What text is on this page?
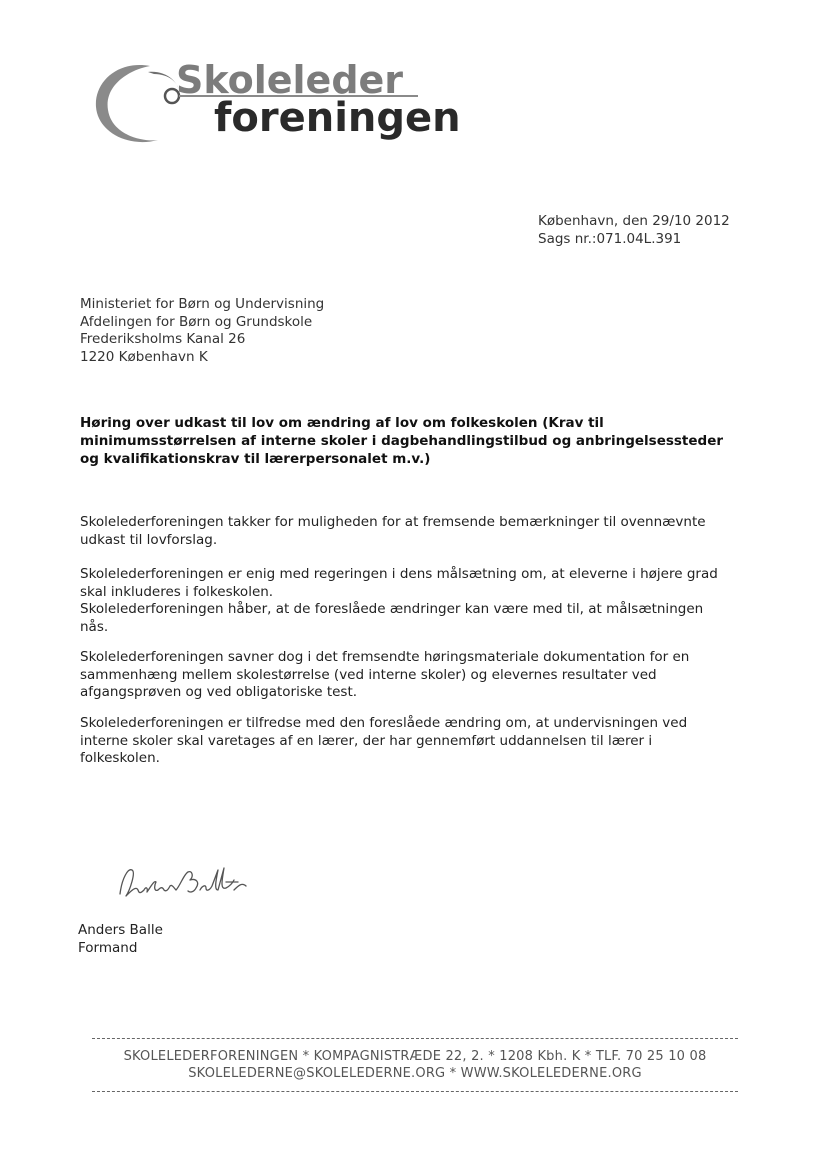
Skoleleder
foreningen
København, den 29/10 2012
Sags nr.:071.04L.391
Ministeriet for Børn og Undervisning
Afdelingen for Børn og Grundskole
Frederiksholms Kanal 26
1220 København K
Høring over udkast til lov om ændring af lov om folkeskolen (Krav til
minimumsstørrelsen af interne skoler i dagbehandlingstilbud og anbringelsessteder
og kvalifikationskrav til lærerpersonalet m.v.)
Skolelederforeningen takker for muligheden for at fremsende bemærkninger til ovennævnte
udkast til lovforslag.
Skolelederforeningen er enig med regeringen i dens målsætning om, at eleverne i højere grad
skal inkluderes i folkeskolen.
Skolelederforeningen håber, at de foreslåede ændringer kan være med til, at målsætningen
nås.
Skolelederforeningen savner dog i det fremsendte høringsmateriale dokumentation for en
sammenhæng mellem skolestørrelse (ved interne skoler) og elevernes resultater ved
afgangsprøven og ved obligatoriske test.
Skolelederforeningen er tilfredse med den foreslåede ændring om, at undervisningen ved
interne skoler skal varetages af en lærer, der har gennemført uddannelsen til lærer i
folkeskolen.
Anders Balle
Formand
SKOLELEDERFORENINGEN * KOMPAGNISTRÆDE 22, 2. * 1208 Kbh. K * TLF. 70 25 10 08
SKOLELEDERNE@SKOLELEDERNE.ORG * WWW.SKOLELEDERNE.ORG
